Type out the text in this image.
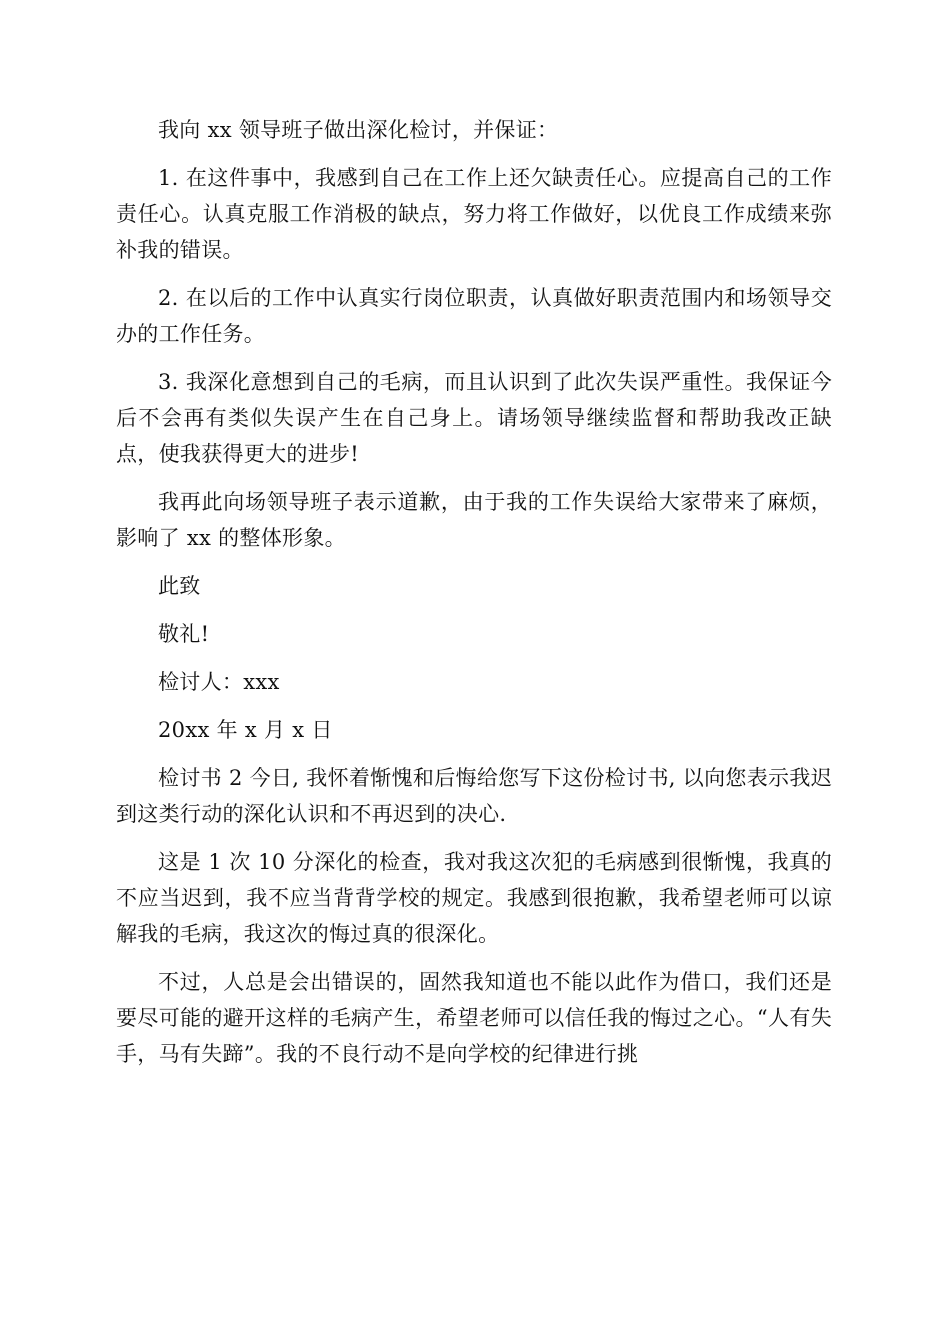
我向 xx 领导班子做出深化检讨，并保证：

1. 在这件事中，我感到自己在工作上还欠缺责任心。应提高自己的工作责任心。认真克服工作消极的缺点，努力将工作做好，以优良工作成绩来弥补我的错误。

2. 在以后的工作中认真实行岗位职责，认真做好职责范围内和场领导交办的工作任务。

3. 我深化意想到自己的毛病，而且认识到了此次失误严重性。我保证今后不会再有类似失误产生在自己身上。请场领导继续监督和帮助我改正缺点，使我获得更大的进步!

我再此向场领导班子表示道歉，由于我的工作失误给大家带来了麻烦，影响了 xx 的整体形象。

此致

敬礼!

检讨人：xxx

20xx 年 x 月 x 日

检讨书 2 今日, 我怀着惭愧和后悔给您写下这份检讨书, 以向您表示我迟到这类行动的深化认识和不再迟到的决心.

这是 1 次 10 分深化的检查，我对我这次犯的毛病感到很惭愧，我真的不应当迟到，我不应当背背学校的规定。我感到很抱歉，我希望老师可以谅解我的毛病，我这次的悔过真的很深化。

不过，人总是会出错误的，固然我知道也不能以此作为借口，我们还是要尽可能的避开这样的毛病产生，希望老师可以信任我的悔过之心。“人有失手，马有失蹄”。我的不良行动不是向学校的纪律进行挑
